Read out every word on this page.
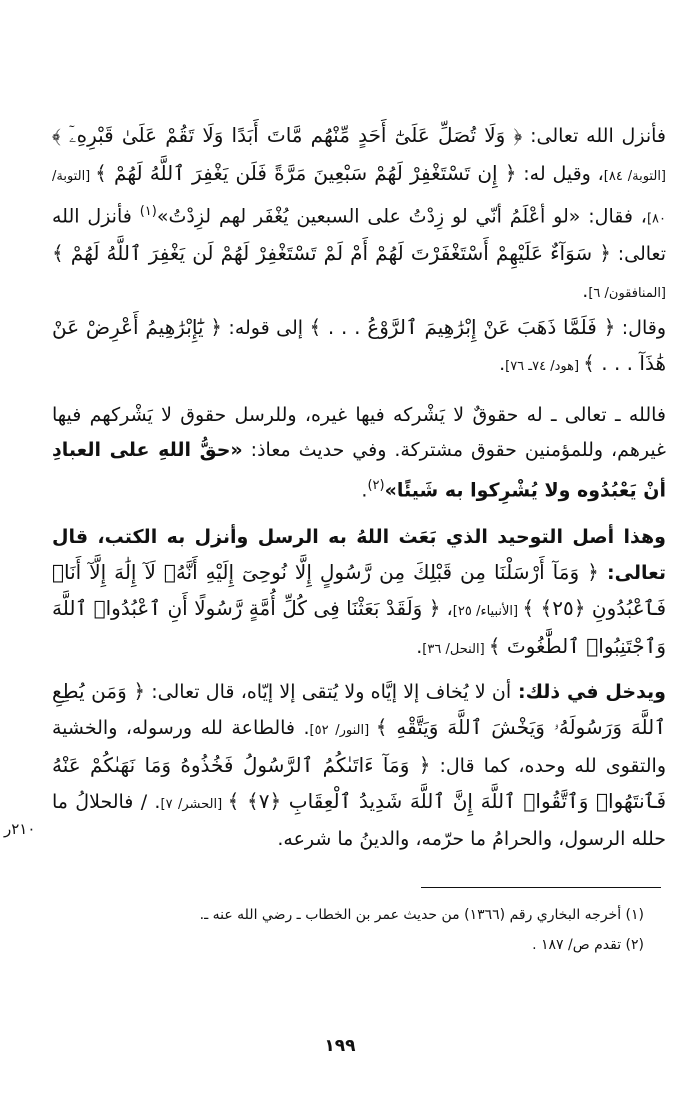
فأنزل الله تعالى: ﴿ وَلَا تُصَلِّ عَلَىٰٓ أَحَدٍ مِّنْهُم مَّاتَ أَبَدًا وَلَا تَقُمْ عَلَىٰ قَبْرِهِۦٓ ﴾ [التوبة/ ٨٤]، وقيل له: ﴿ إِن تَسْتَغْفِرْ لَهُمْ سَبْعِينَ مَرَّةً فَلَن يَغْفِرَ ٱللَّهُ لَهُمْ ﴾ [التوبة/ ٨٠]، فقال: «لو أعْلَمُ أنّي لو زِدْتُ على السبعين يُغْفَر لهم لزِدْتُ»$^{(١)}$ فأنزل الله تعالى: ﴿ سَوَآءٌ عَلَيْهِمْ أَسْتَغْفَرْتَ لَهُمْ أَمْ لَمْ تَسْتَغْفِرْ لَهُمْ لَن يَغْفِرَ ٱللَّهُ لَهُمْ ﴾ [المنافقون/ ٦].

وقال: ﴿ فَلَمَّا ذَهَبَ عَنْ إِبْرَٰهِيمَ ٱلرَّوْعُ . . . ﴾ إلى قوله: ﴿ يَٰٓإِبْرَٰهِيمُ أَعْرِضْ عَنْ هَٰذَآ . . . ﴾ [هود/ ٧٤ـ ٧٦].

فالله ـ تعالى ـ له حقوقٌ لا يَشْركه فيها غيره، وللرسل حقوق لا يَشْركهم فيها غيرهم، وللمؤمنين حقوق مشتركة. وفي حديث معاذ: «حقُّ اللهِ على العبادِ أنْ يَعْبُدُوه ولا يُشْرِكوا به شَيئًا»$^{(٢)}$.

وهذا أصل التوحيد الذي بَعَث اللهُ به الرسل وأنزل به الكتب، قال تعالى: ﴿ وَمَآ أَرْسَلْنَا مِن قَبْلِكَ مِن رَّسُولٍ إِلَّا نُوحِىٓ إِلَيْهِ أَنَّهُۥ لَآ إِلَٰهَ إِلَّآ أَنَا۠ فَٱعْبُدُونِ ﴿٢٥﴾ ﴾ [الأنبياء/ ٢٥]، ﴿ وَلَقَدْ بَعَثْنَا فِى كُلِّ أُمَّةٍ رَّسُولًا أَنِ ٱعْبُدُوا۟ ٱللَّهَ وَٱجْتَنِبُوا۟ ٱلطَّٰغُوتَ ﴾ [النحل/ ٣٦].

ويدخل في ذلك: أن لا يُخاف إلا إيَّاه ولا يُتقى إلا إيّاه، قال تعالى: ﴿ وَمَن يُطِعِ ٱللَّهَ وَرَسُولَهُۥ وَيَخْشَ ٱللَّهَ وَيَتَّقْهِ ﴾ [النور/ ٥٢]. فالطاعة لله ورسوله، والخشية والتقوى لله وحده، كما قال: ﴿ وَمَآ ءَاتَىٰكُمُ ٱلرَّسُولُ فَخُذُوهُ وَمَا نَهَىٰكُمْ عَنْهُ فَٱنتَهُوا۟ وَٱتَّقُوا۟ ٱللَّهَ إِنَّ ٱللَّهَ شَدِيدُ ٱلْعِقَابِ ﴿٧﴾ ﴾ [الحشر/ ٧]. / فالحلالُ ما حلله الرسول، والحرامُ ما حرّمه، والدينُ ما شرعه.

٢١٠ر
(١) أخرجه البخاري رقم (١٣٦٦) من حديث عمر بن الخطاب ـ رضي الله عنه ـ.
(٢) تقدم ص/ ١٨٧ .
١٩٩
